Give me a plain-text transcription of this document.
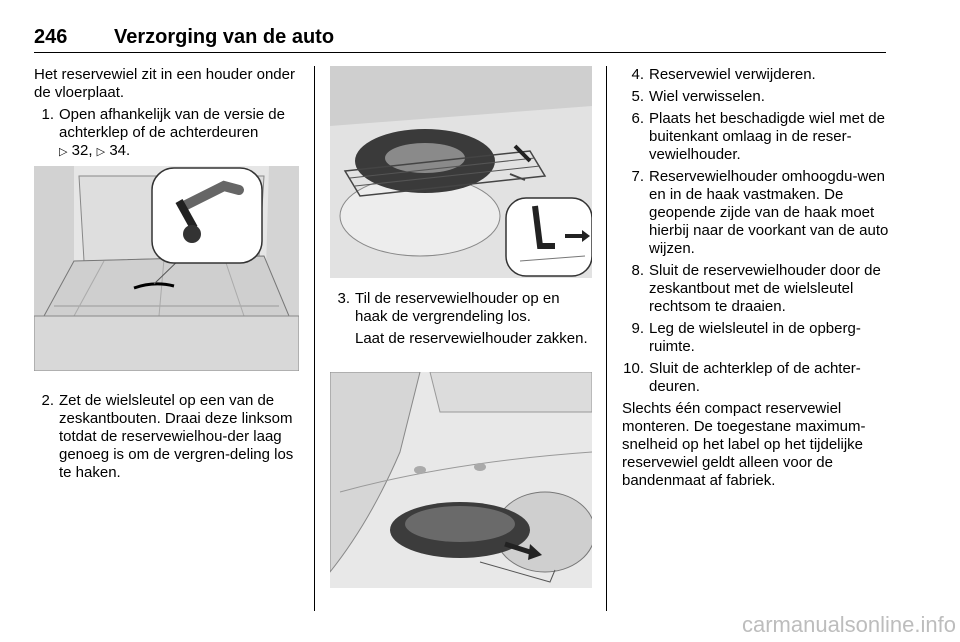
246 Verzorging van de auto

Het reservewiel zit in een houder onder de vloerplaat.

1. Open afhankelijk van de versie de achterklep of de achterdeuren
▷ 32, ▷ 34.
2. Zet de wielsleutel op een van de zeskantbouten. Draai deze linksom totdat de reservewielhou-der laag genoeg is om de vergren-deling los te haken.
3. Til de reservewielhouder op en haak de vergrendeling los.

Laat de reservewielhouder zakken.

4. Reservewiel verwijderen.
5. Wiel verwisselen.
6. Plaats het beschadigde wiel met de buitenkant omlaag in de reser-vewielhouder.
7. Reservewielhouder omhoogdu-wen en in de haak vastmaken. De geopende zijde van de haak moet hierbij naar de voorkant van de auto wijzen.
8. Sluit de reservewielhouder door de zeskantbout met de wielsleutel rechtsom te draaien.
9. Leg de wielsleutel in de opberg-ruimte.
10. Sluit de achterklep of de achter-deuren.

Slechts één compact reservewiel monteren. De toegestane maximum-snelheid op het label op het tijdelijke reservewiel geldt alleen voor de bandenmaat af fabriek.

carmanualsonline.info
